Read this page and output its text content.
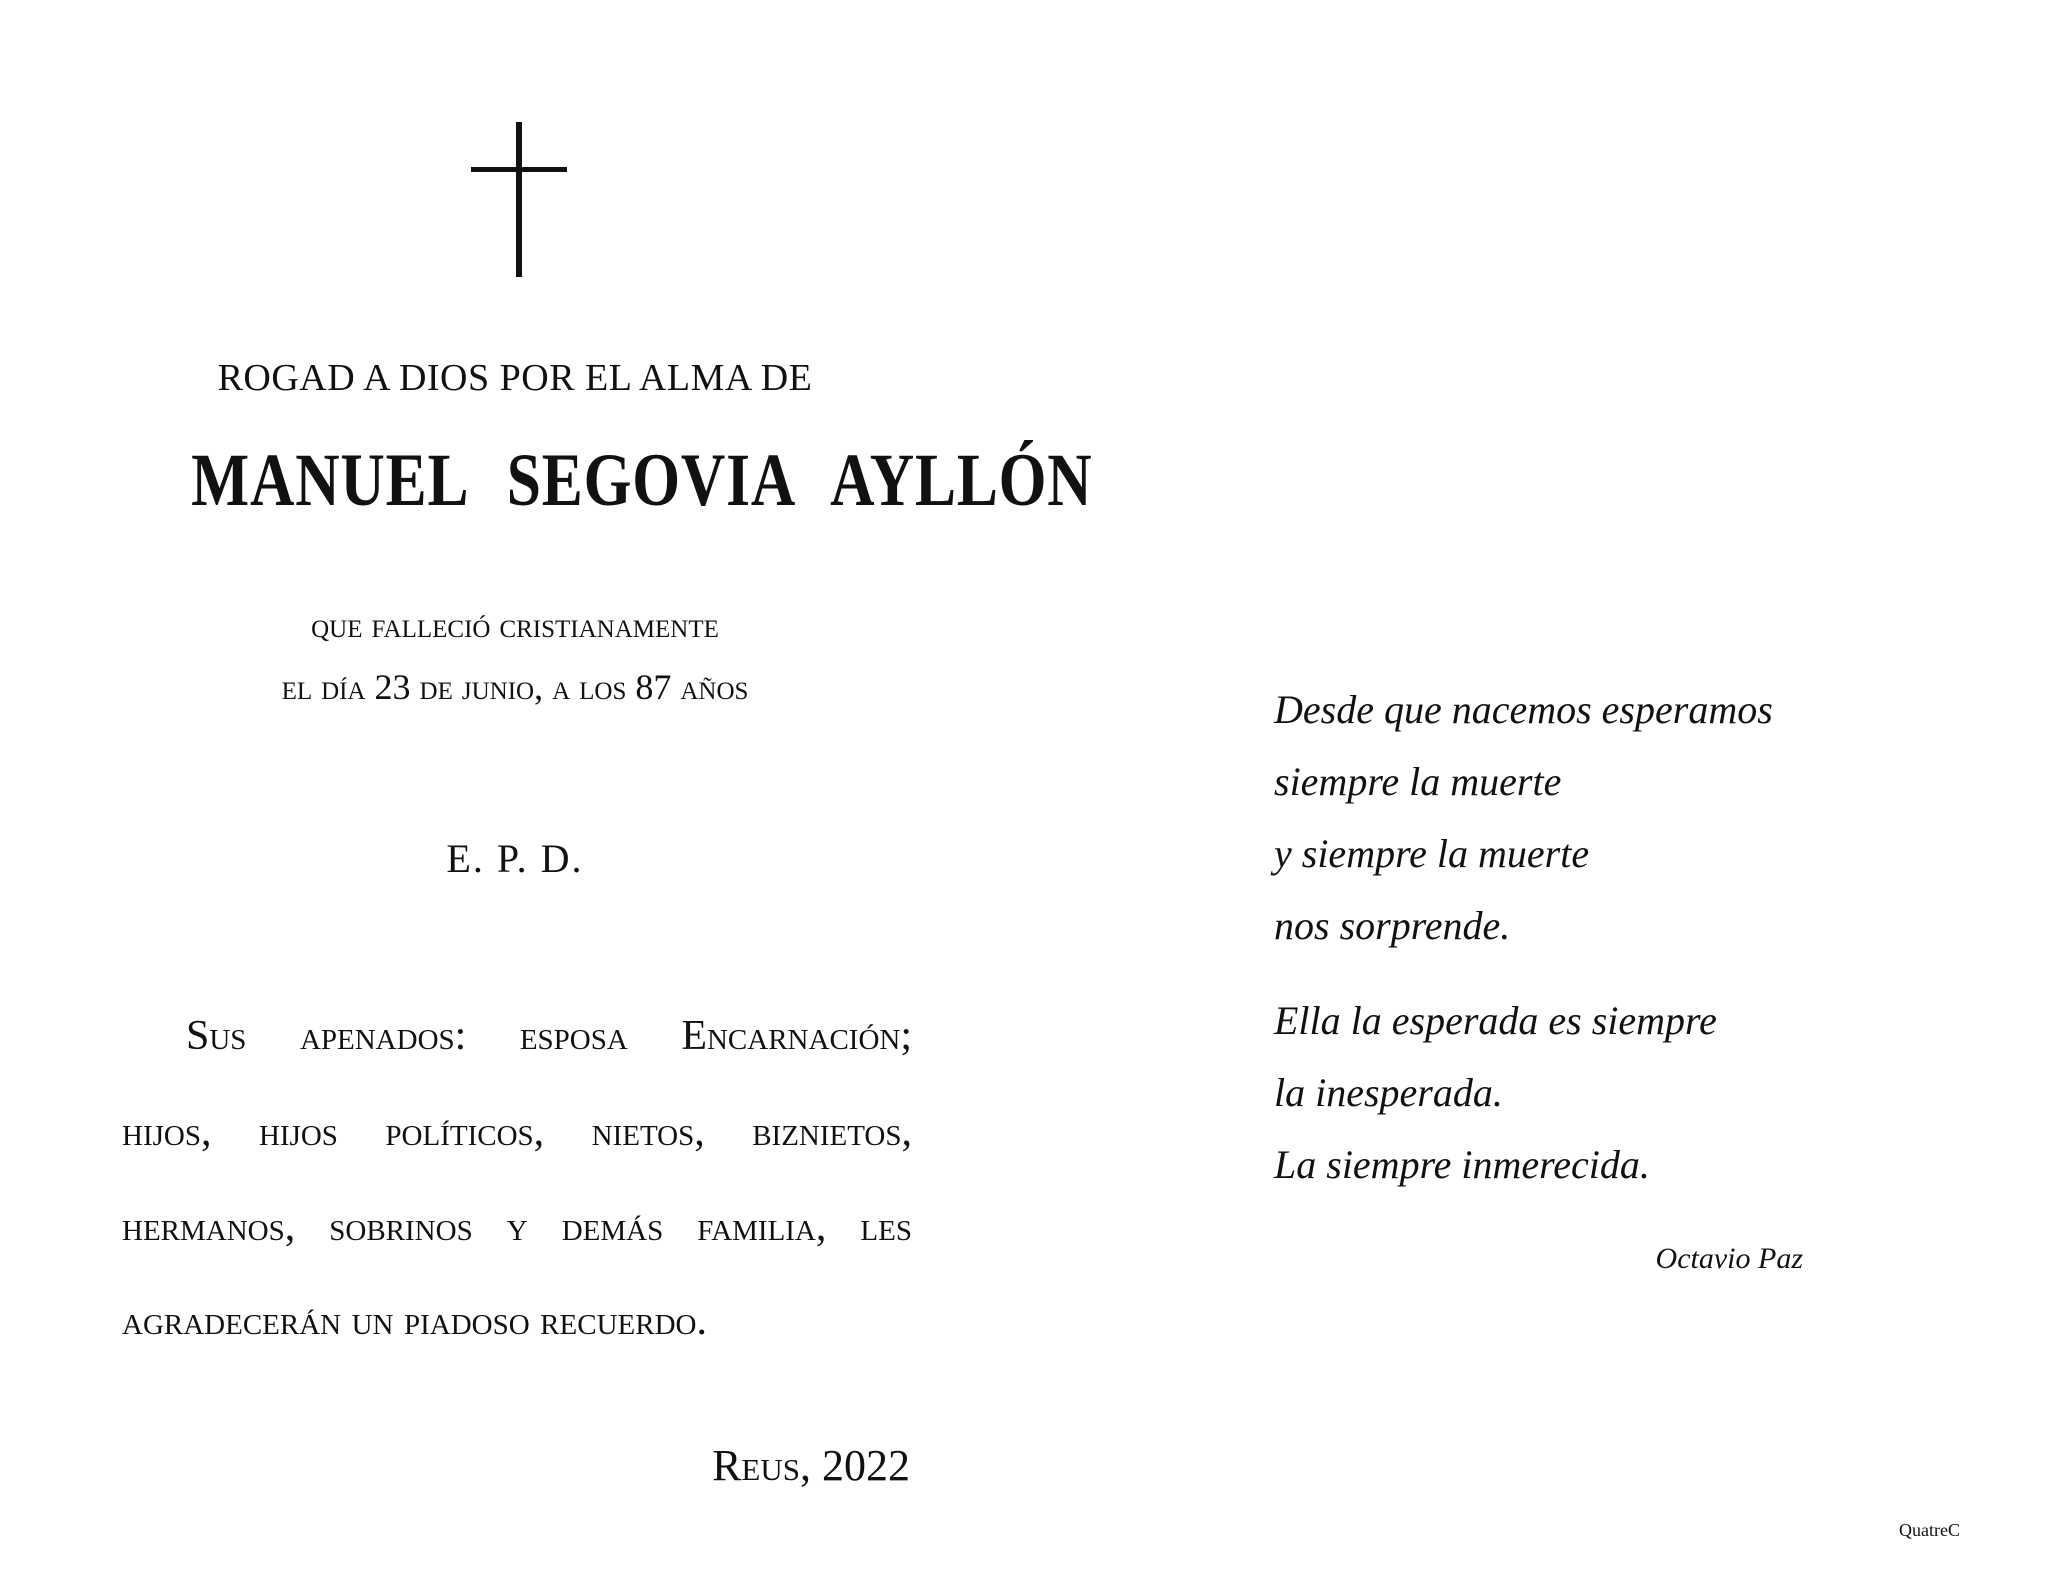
ROGAD A DIOS POR EL ALMA DE
MANUEL SEGOVIA AYLLÓN
que falleció cristianamente
el día 23 de junio, a los 87 años
E. P. D.
Sus apenados: esposa Encarnación;
hijos, hijos políticos, nietos, biznietos,
hermanos, sobrinos y demás familia, les
agradecerán un piadoso recuerdo.
Reus, 2022
Desde que nacemos esperamos
siempre la muerte
y siempre la muerte
nos sorprende.
Ella la esperada es siempre
la inesperada.
La siempre inmerecida.
Octavio Paz
QuatreC
